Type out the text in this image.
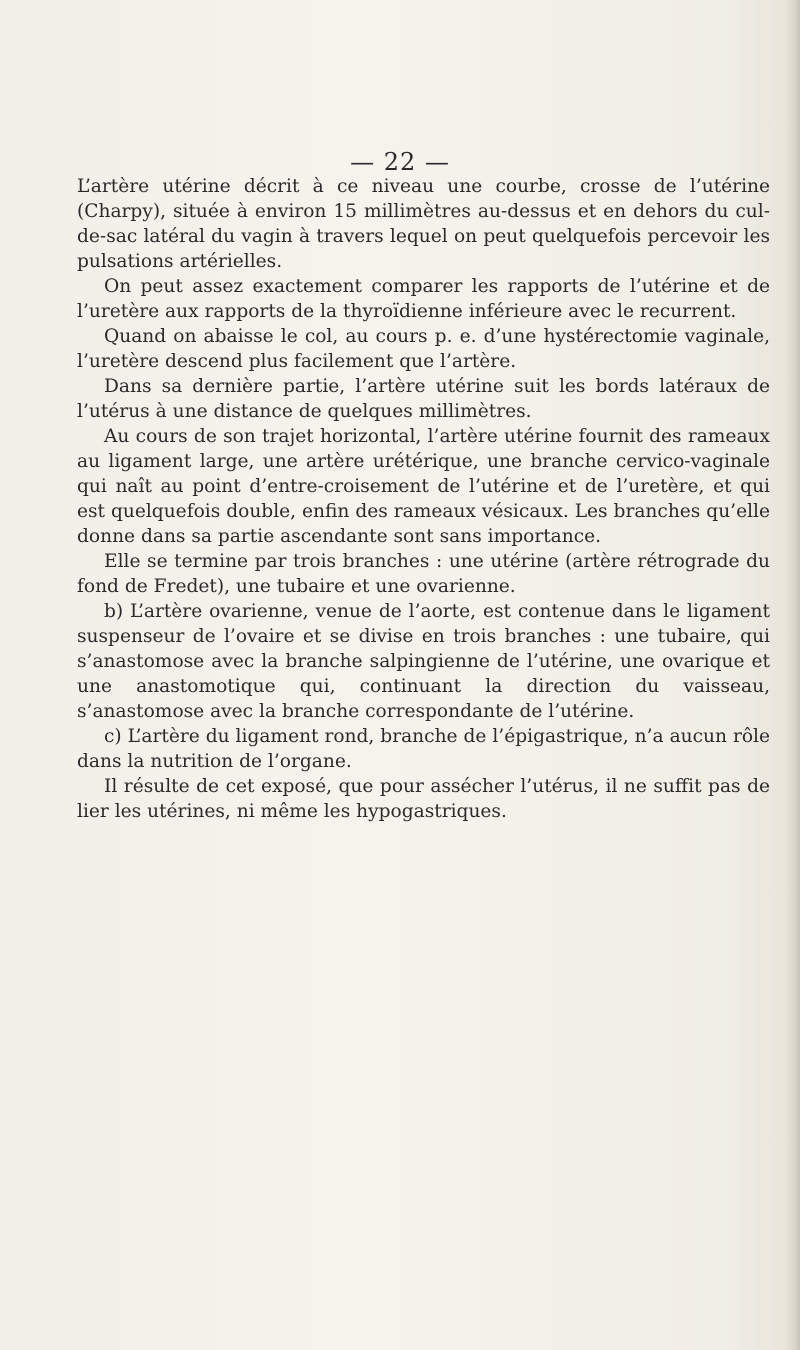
— 22 —

L’artère utérine décrit à ce niveau une courbe, crosse de l’utérine (Charpy), située à environ 15 millimètres au-dessus et en dehors du cul-de-sac latéral du vagin à travers lequel on peut quelquefois percevoir les pulsations artérielles.

On peut assez exactement comparer les rapports de l’utérine et de l’uretère aux rapports de la thyroïdienne inférieure avec le recurrent.

Quand on abaisse le col, au cours p. e. d’une hystérectomie vaginale, l’uretère descend plus facilement que l’artère.

Dans sa dernière partie, l’artère utérine suit les bords latéraux de l’utérus à une distance de quelques millimètres.

Au cours de son trajet horizontal, l’artère utérine fournit des rameaux au ligament large, une artère urétérique, une branche cervico-vaginale qui naît au point d’entre-croisement de l’utérine et de l’uretère, et qui est quelquefois double, enfin des rameaux vésicaux. Les branches qu’elle donne dans sa partie ascendante sont sans importance.

Elle se termine par trois branches : une utérine (artère rétrograde du fond de Fredet), une tubaire et une ovarienne.

b) L’artère ovarienne, venue de l’aorte, est contenue dans le ligament suspenseur de l’ovaire et se divise en trois branches : une tubaire, qui s’anastomose avec la branche salpingienne de l’utérine, une ovarique et une anastomotique qui, continuant la direction du vaisseau, s’anastomose avec la branche correspondante de l’utérine.

c) L’artère du ligament rond, branche de l’épigastrique, n’a aucun rôle dans la nutrition de l’organe.

Il résulte de cet exposé, que pour assécher l’utérus, il ne suffit pas de lier les utérines, ni même les hypogastriques.
